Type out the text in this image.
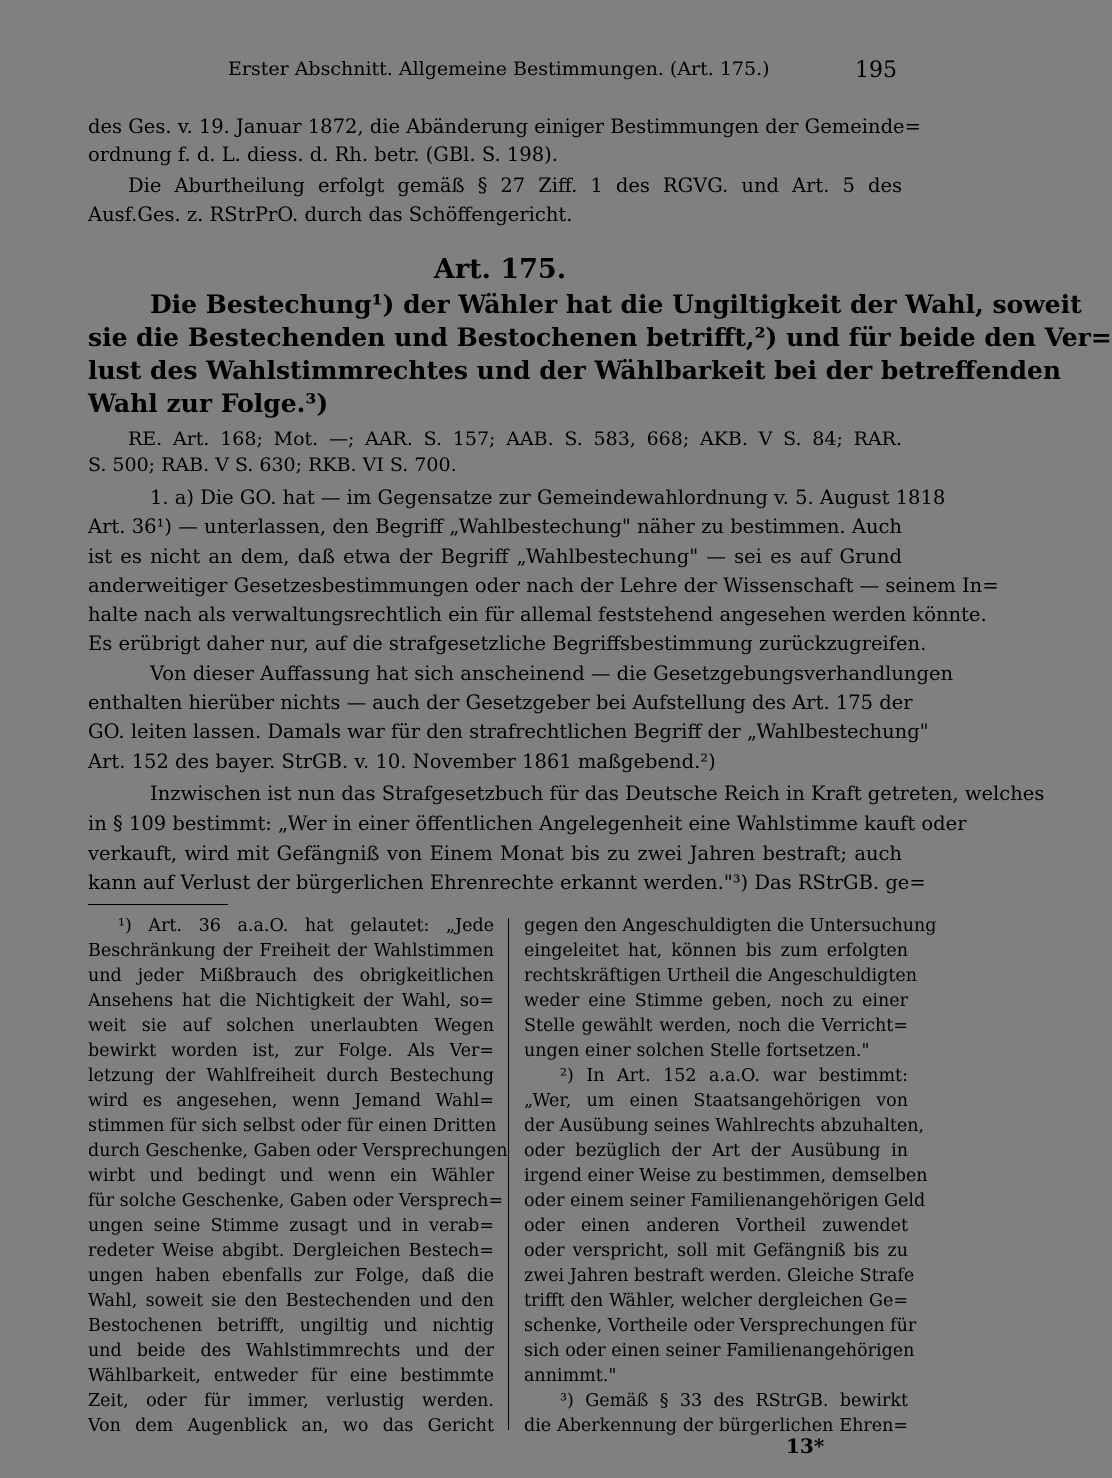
Erster Abschnitt. Allgemeine Bestimmungen. (Art. 175.)	195
des Ges. v. 19. Januar 1872, die Abänderung einiger Bestimmungen der Gemeinde=
ordnung f. d. L. diess. d. Rh. betr. (GBl. S. 198).
Die Aburtheilung erfolgt gemäß § 27 Ziff. 1 des RGVG. und Art. 5 des
Ausf.Ges. z. RStrPrO. durch das Schöffengericht.
Art. 175.
Die Bestechung¹) der Wähler hat die Ungiltigkeit der Wahl, soweit
sie die Bestechenden und Bestochenen betrifft,²) und für beide den Ver=
lust des Wahlstimmrechtes und der Wählbarkeit bei der betreffenden
Wahl zur Folge.³)
RE. Art. 168; Mot. —; AAR. S. 157; AAB. S. 583, 668; AKB. V S. 84; RAR.
S. 500; RAB. V S. 630; RKB. VI S. 700.
1. a) Die GO. hat — im Gegensatze zur Gemeindewahlordnung v. 5. August 1818
Art. 36¹) — unterlassen, den Begriff „Wahlbestechung" näher zu bestimmen. Auch
ist es nicht an dem, daß etwa der Begriff „Wahlbestechung" — sei es auf Grund
anderweitiger Gesetzesbestimmungen oder nach der Lehre der Wissenschaft — seinem In=
halte nach als verwaltungsrechtlich ein für allemal feststehend angesehen werden könnte.
Es erübrigt daher nur, auf die strafgesetzliche Begriffsbestimmung zurückzugreifen.
Von dieser Auffassung hat sich anscheinend — die Gesetzgebungsverhandlungen
enthalten hierüber nichts — auch der Gesetzgeber bei Aufstellung des Art. 175 der
GO. leiten lassen. Damals war für den strafrechtlichen Begriff der „Wahlbestechung"
Art. 152 des bayer. StrGB. v. 10. November 1861 maßgebend.²)
Inzwischen ist nun das Strafgesetzbuch für das Deutsche Reich in Kraft getreten, welches
in § 109 bestimmt: „Wer in einer öffentlichen Angelegenheit eine Wahlstimme kauft oder
verkauft, wird mit Gefängniß von Einem Monat bis zu zwei Jahren bestraft; auch
kann auf Verlust der bürgerlichen Ehrenrechte erkannt werden."³) Das RStrGB. ge=
¹) Art. 36 a.a.O. hat gelautet: „Jede
Beschränkung der Freiheit der Wahlstimmen
und jeder Mißbrauch des obrigkeitlichen
Ansehens hat die Nichtigkeit der Wahl, so=
weit sie auf solchen unerlaubten Wegen
bewirkt worden ist, zur Folge. Als Ver=
letzung der Wahlfreiheit durch Bestechung
wird es angesehen, wenn Jemand Wahl=
stimmen für sich selbst oder für einen Dritten
durch Geschenke, Gaben oder Versprechungen
wirbt und bedingt und wenn ein Wähler
für solche Geschenke, Gaben oder Versprech=
ungen seine Stimme zusagt und in verab=
redeter Weise abgibt. Dergleichen Bestech=
ungen haben ebenfalls zur Folge, daß die
Wahl, soweit sie den Bestechenden und den
Bestochenen betrifft, ungiltig und nichtig
und beide des Wahlstimmrechts und der
Wählbarkeit, entweder für eine bestimmte
Zeit, oder für immer, verlustig werden.
Von dem Augenblick an, wo das Gericht
gegen den Angeschuldigten die Untersuchung
eingeleitet hat, können bis zum erfolgten
rechtskräftigen Urtheil die Angeschuldigten
weder eine Stimme geben, noch zu einer
Stelle gewählt werden, noch die Verricht=
ungen einer solchen Stelle fortsetzen."
²) In Art. 152 a.a.O. war bestimmt:
„Wer, um einen Staatsangehörigen von
der Ausübung seines Wahlrechts abzuhalten,
oder bezüglich der Art der Ausübung in
irgend einer Weise zu bestimmen, demselben
oder einem seiner Familienangehörigen Geld
oder einen anderen Vortheil zuwendet
oder verspricht, soll mit Gefängniß bis zu
zwei Jahren bestraft werden. Gleiche Strafe
trifft den Wähler, welcher dergleichen Ge=
schenke, Vortheile oder Versprechungen für
sich oder einen seiner Familienangehörigen
annimmt."
³) Gemäß § 33 des RStrGB. bewirkt
die Aberkennung der bürgerlichen Ehren=
13*
